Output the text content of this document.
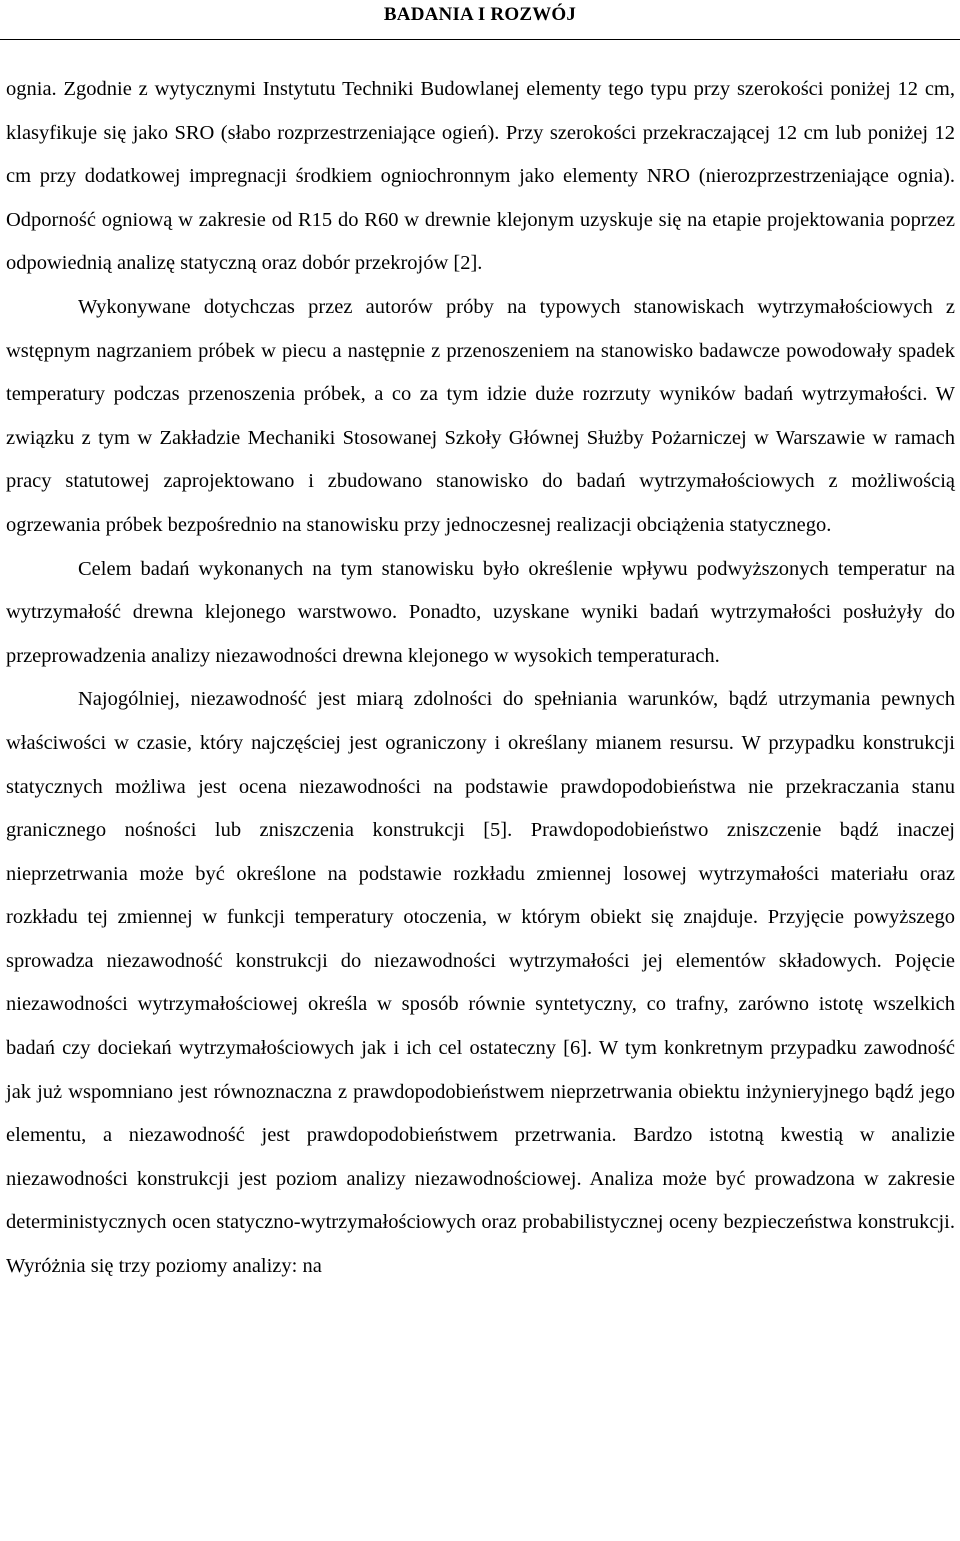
BADANIA I ROZWÓJ

ognia. Zgodnie z wytycznymi Instytutu Techniki Budowlanej elementy tego typu przy szerokości poniżej 12 cm, klasyfikuje się jako SRO (słabo rozprzestrzeniające ogień). Przy szerokości przekraczającej 12 cm lub poniżej 12 cm przy dodatkowej impregnacji środkiem ogniochronnym jako elementy NRO (nierozprzestrzeniające ognia). Odporność ogniową w zakresie od R15 do R60 w drewnie klejonym uzyskuje się na etapie projektowania poprzez odpowiednią analizę statyczną oraz dobór przekrojów [2].

Wykonywane dotychczas przez autorów próby na typowych stanowiskach wytrzymałościowych z wstępnym nagrzaniem próbek w piecu a następnie z przenoszeniem na stanowisko badawcze powodowały spadek temperatury podczas przenoszenia próbek, a co za tym idzie duże rozrzuty wyników badań wytrzymałości. W związku z tym w Zakładzie Mechaniki Stosowanej Szkoły Głównej Służby Pożarniczej w Warszawie w ramach pracy statutowej zaprojektowano i zbudowano stanowisko do badań wytrzymałościowych z możliwością ogrzewania próbek bezpośrednio na stanowisku przy jednoczesnej realizacji obciążenia statycznego.

Celem badań wykonanych na tym stanowisku było określenie wpływu podwyższonych temperatur na wytrzymałość drewna klejonego warstwowo. Ponadto, uzyskane wyniki badań wytrzymałości posłużyły do przeprowadzenia analizy niezawodności drewna klejonego w wysokich temperaturach.

Najogólniej, niezawodność jest miarą zdolności do spełniania warunków, bądź utrzymania pewnych właściwości w czasie, który najczęściej jest ograniczony i określany mianem resursu. W przypadku konstrukcji statycznych możliwa jest ocena niezawodności na podstawie prawdopodobieństwa nie przekraczania stanu granicznego nośności lub zniszczenia konstrukcji [5]. Prawdopodobieństwo zniszczenie bądź inaczej nieprzetrwania może być określone na podstawie rozkładu zmiennej losowej wytrzymałości materiału oraz rozkładu tej zmiennej w funkcji temperatury otoczenia, w którym obiekt się znajduje. Przyjęcie powyższego sprowadza niezawodność konstrukcji do niezawodności wytrzymałości jej elementów składowych. Pojęcie niezawodności wytrzymałościowej określa w sposób równie syntetyczny, co trafny, zarówno istotę wszelkich badań czy dociekań wytrzymałościowych jak i ich cel ostateczny [6]. W tym konkretnym przypadku zawodność jak już wspomniano jest równoznaczna z prawdopodobieństwem nieprzetrwania obiektu inżynieryjnego bądź jego elementu, a niezawodność jest prawdopodobieństwem przetrwania. Bardzo istotną kwestią w analizie niezawodności konstrukcji jest poziom analizy niezawodnościowej. Analiza może być prowadzona w zakresie deterministycznych ocen statyczno-wytrzymałościowych oraz probabilistycznej oceny bezpieczeństwa konstrukcji. Wyróżnia się trzy poziomy analizy: na
